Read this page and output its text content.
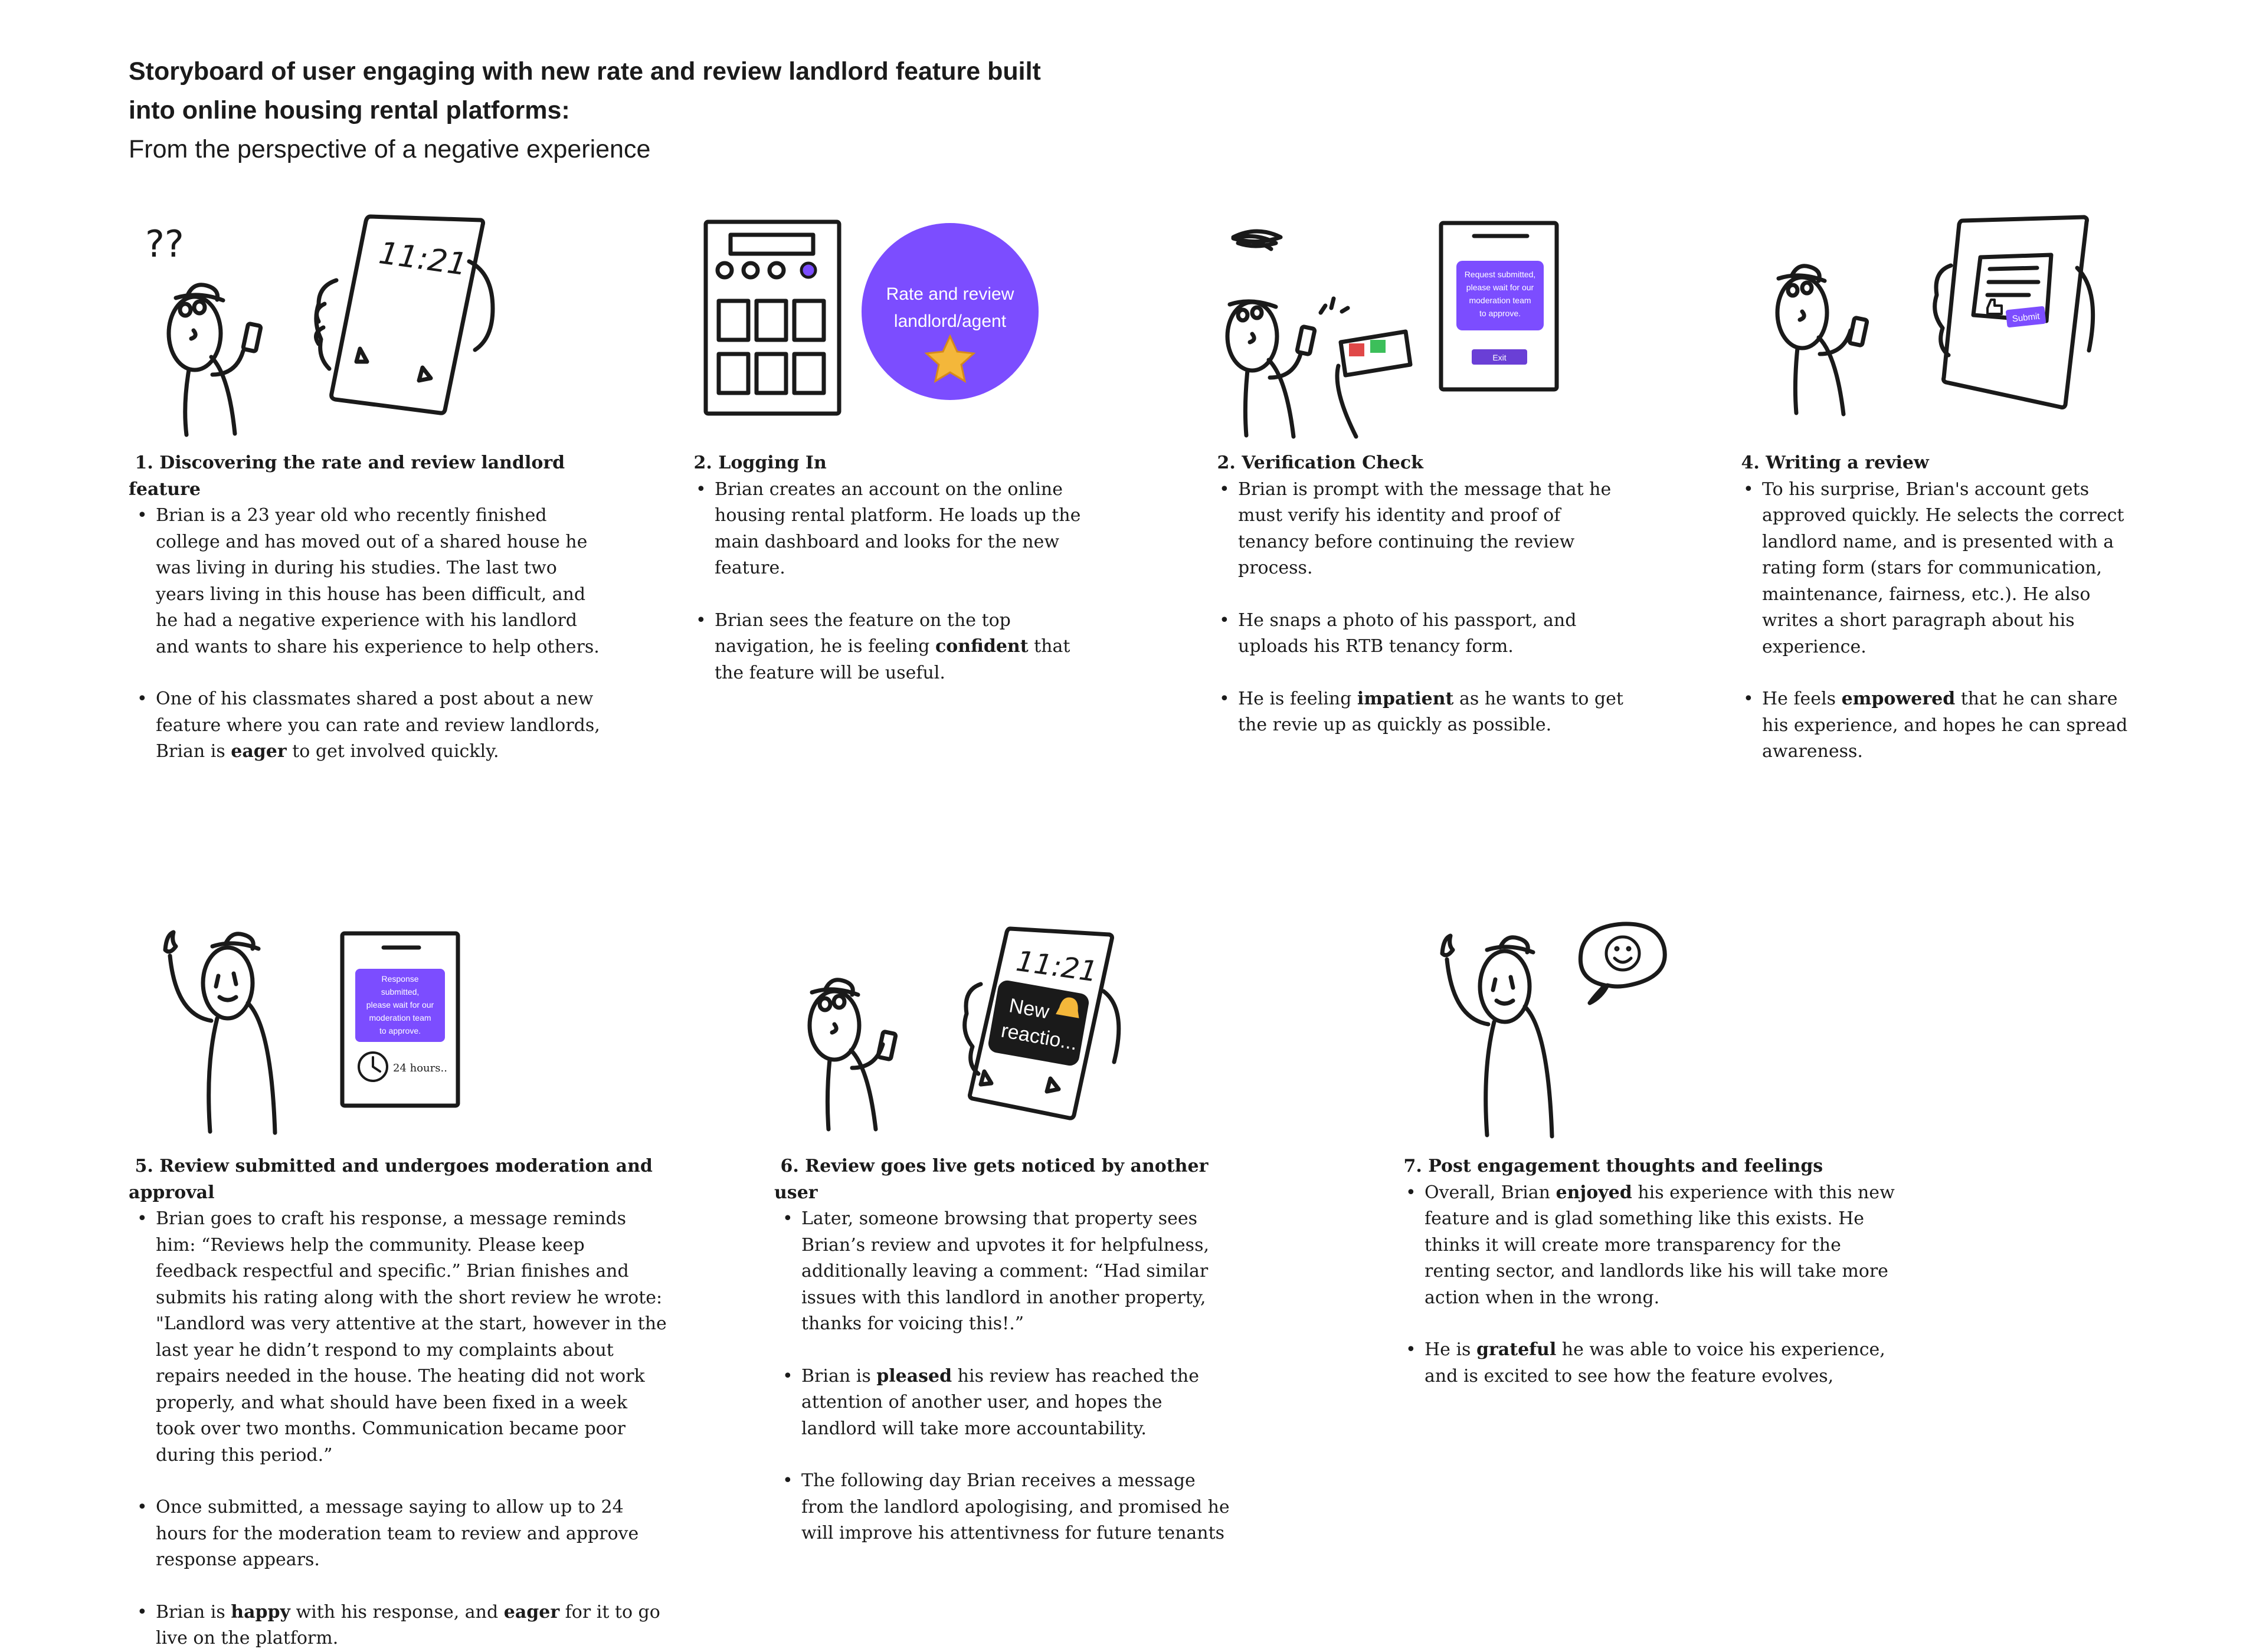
Storyboard of user engaging with new rate and review landlord feature built
into online housing rental platforms:

From the perspective of a negative experience

??	11:21
Rate and review
landlord/agent
Request submitted,
please wait for our
moderation team
to approve.
Exit
Submit
Response
submitted,
please wait for our
moderation team
to approve.
24 hours..
11:21
New
reactio...
1. Discovering the rate and review landlord feature

• Brian is a 23 year old who recently finished college and has moved out of a shared house he was living in during his studies. The last two years living in this house has been difficult, and he had a negative experience with his landlord and wants to share his experience to help others.

• One of his classmates shared a post about a new feature where you can rate and review landlords, Brian is eager to get involved quickly.

2. Logging In

• Brian creates an account on the online housing rental platform. He loads up the main dashboard and looks for the new feature.

• Brian sees the feature on the top navigation, he is feeling confident that the feature will be useful.

2. Verification Check

• Brian is prompt with the message that he must verify his identity and proof of tenancy before continuing the review process.

• He snaps a photo of his passport, and uploads his RTB tenancy form.

• He is feeling impatient as he wants to get the revie up as quickly as possible.

4. Writing a review

• To his surprise, Brian's account gets approved quickly. He selects the correct landlord name, and is presented with a rating form (stars for communication, maintenance, fairness, etc.). He also writes a short paragraph about his experience.

• He feels empowered that he can share his experience, and hopes he can spread awareness.

5. Review submitted and undergoes moderation and approval

• Brian goes to craft his response, a message reminds him: “Reviews help the community. Please keep feedback respectful and specific.” Brian finishes and submits his rating along with the short review he wrote: "Landlord was very attentive at the start, however in the last year he didn’t respond to my complaints about repairs needed in the house. The heating did not work properly, and what should have been fixed in a week took over two months. Communication became poor during this period.”

• Once submitted, a message saying to allow up to 24 hours for the moderation team to review and approve response appears.

• Brian is happy with his response, and eager for it to go live on the platform.

6. Review goes live gets noticed by another user

• Later, someone browsing that property sees Brian’s review and upvotes it for helpfulness, additionally leaving a comment: “Had similar issues with this landlord in another property, thanks for voicing this!.”

• Brian is pleased his review has reached the attention of another user, and hopes the landlord will take more accountability.

• The following day Brian receives a message from the landlord apologising, and promised he will improve his attentivness for future tenants

7. Post engagement thoughts and feelings

• Overall, Brian enjoyed his experience with this new feature and is glad something like this exists. He thinks it will create more transparency for the renting sector, and landlords like his will take more action when in the wrong.

• He is grateful he was able to voice his experience, and is excited to see how the feature evolves,
